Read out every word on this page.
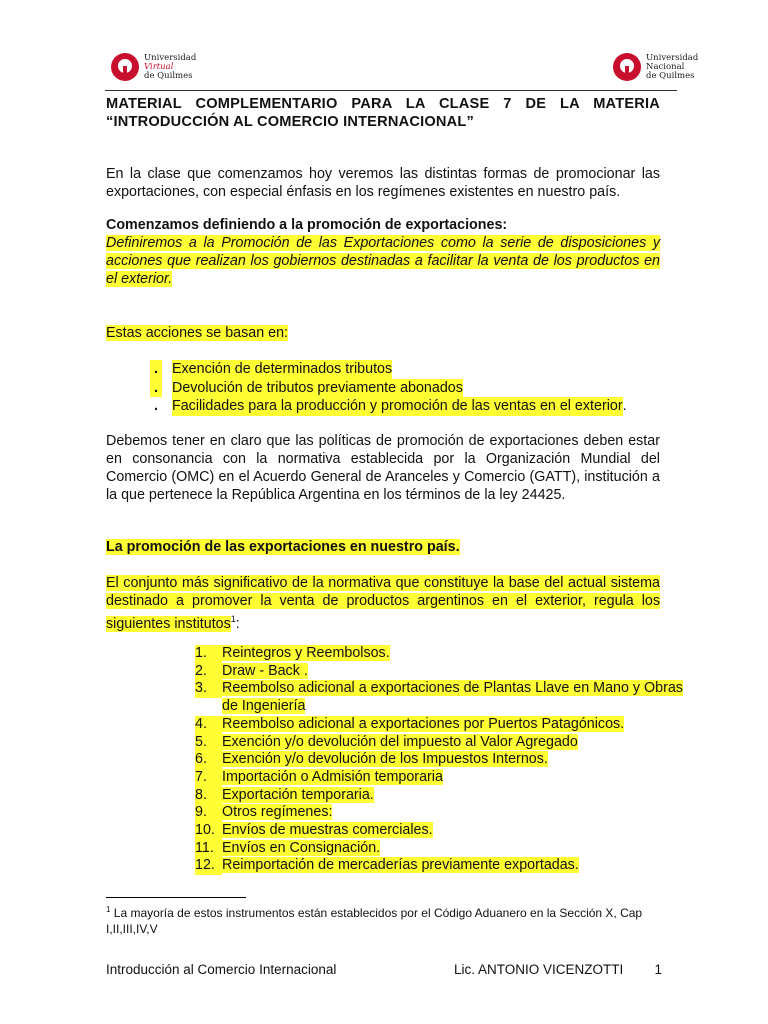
Universidad
Virtual
de Quilmes
Universidad
Nacional
de Quilmes
MATERIAL COMPLEMENTARIO PARA LA CLASE 7 DE LA MATERIA
“INTRODUCCIÓN AL COMERCIO INTERNACIONAL”

En la clase que comenzamos hoy veremos las distintas formas de promocionar las exportaciones, con especial énfasis en los regímenes existentes en nuestro país.

Comenzamos definiendo a la promoción de exportaciones:
Definiremos a la Promoción de las Exportaciones como la serie de disposiciones y acciones que realizan los gobiernos destinadas a facilitar la venta de los productos en el exterior.
Estas acciones se basan en:
. Exención de determinados tributos
. Devolución de tributos previamente abonados
. Facilidades para la producción y promoción de las ventas en el exterior .

Debemos tener en claro que las políticas de promoción de exportaciones deben estar en consonancia con la normativa establecida por la Organización Mundial del Comercio (OMC) en el Acuerdo General de Aranceles y Comercio (GATT), institución a la que pertenece la República Argentina en los términos de la ley 24425.

La promoción de las exportaciones en nuestro país.
El conjunto más significativo de la normativa que constituye la base del actual sistema destinado a promover la venta de productos argentinos en el exterior, regula los siguientes institutos$^1$:
1.	Reintegros y Reembolsos.
2.	Draw - Back .
3.	Reembolso adicional a exportaciones de Plantas Llave en Mano y Obras de Ingeniería
4.	Reembolso adicional a exportaciones por Puertos Patagónicos.
5.	Exención y/o devolución del impuesto al Valor Agregado
6.	Exención y/o devolución de los Impuestos Internos.
7.	Importación o Admisión temporaria
8.	Exportación temporaria.
9.	Otros regímenes:
10. Envíos de muestras comerciales.
11. Envíos en Consignación.
12. Reimportación de mercaderías previamente exportadas.
$^1$ La mayoría de estos instrumentos están establecidos por el Código Aduanero en la Sección X, Cap I,II,III,IV,V
Introducción al Comercio Internacional	Lic. ANTONIO VICENZOTTI	1
